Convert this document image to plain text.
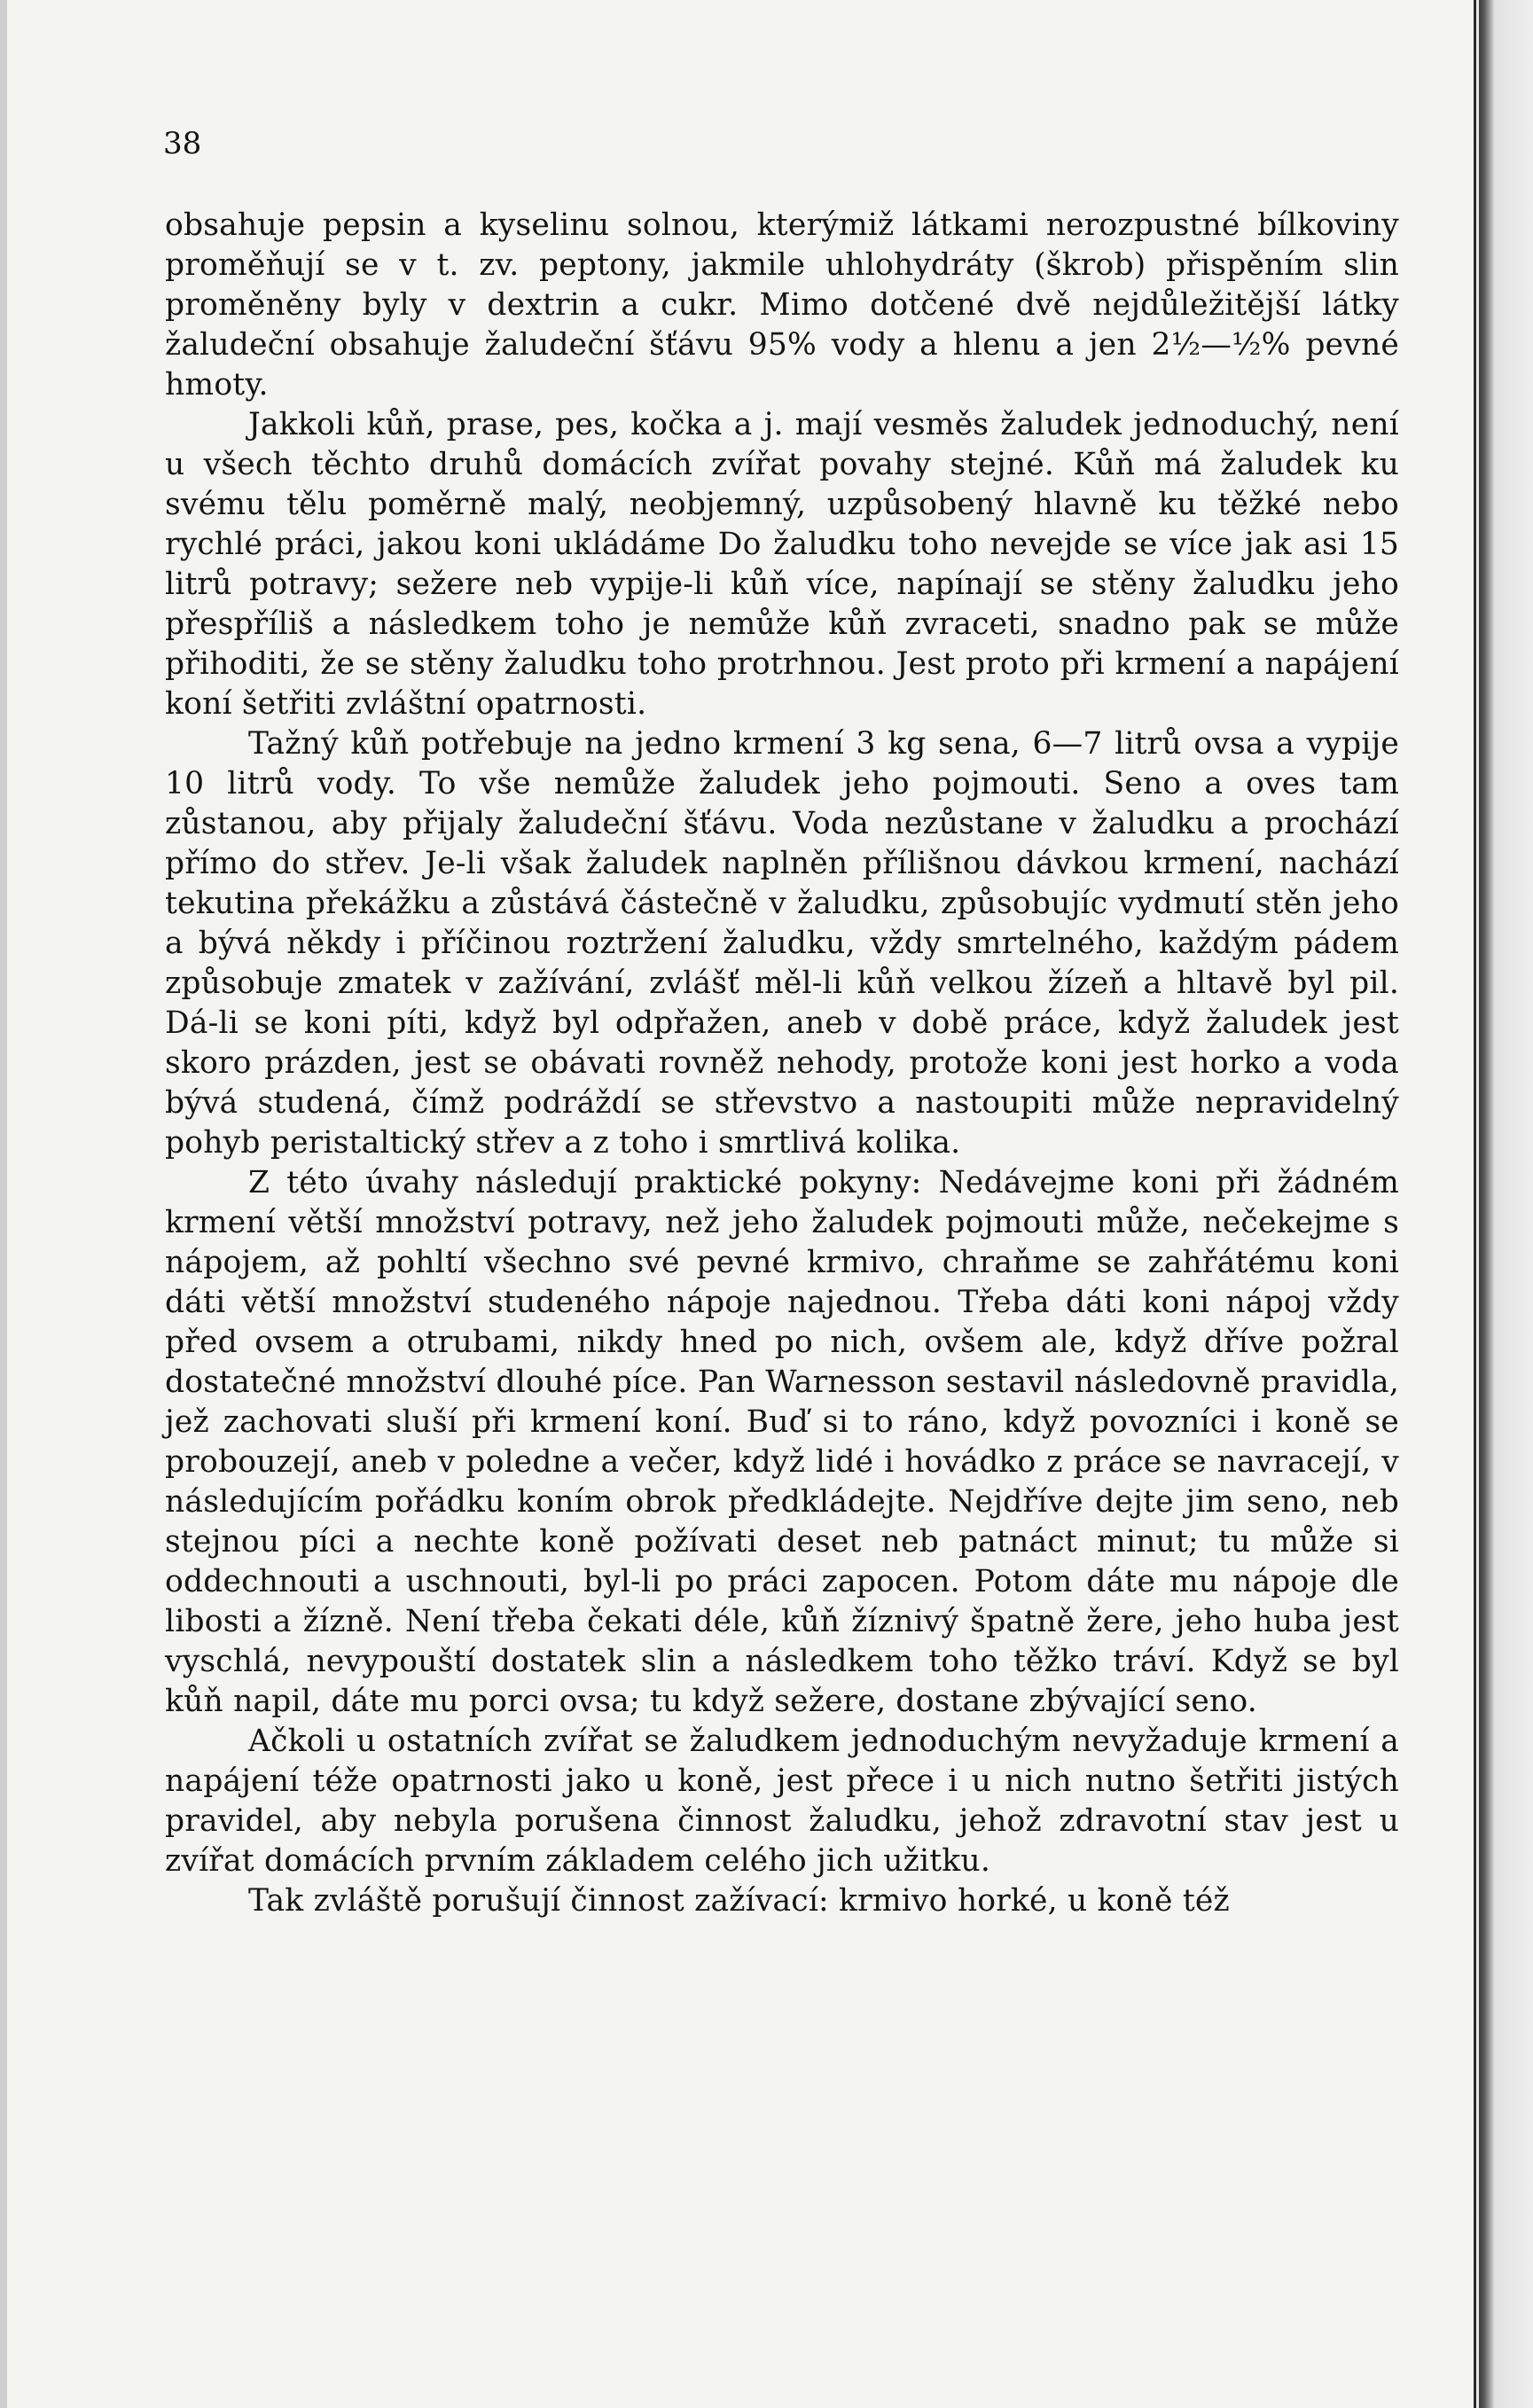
38

obsahuje pepsin a kyselinu solnou, kterýmiž látkami nerozpustné bílkoviny proměňují se v t. zv. peptony, jakmile uhlohydráty (škrob) přispěním slin proměněny byly v dextrin a cukr. Mimo dotčené dvě nejdůležitější látky žaludeční obsahuje žaludeční šťávu 95% vody a hlenu a jen 2½—½% pevné hmoty.

Jakkoli kůň, prase, pes, kočka a j. mají vesměs žaludek jednoduchý, není u všech těchto druhů domácích zvířat povahy stejné. Kůň má žaludek ku svému tělu poměrně malý, neobjemný, uzpůsobený hlavně ku těžké nebo rychlé práci, jakou koni ukládáme Do žaludku toho nevejde se více jak asi 15 litrů potravy; sežere neb vypije-li kůň více, napínají se stěny žaludku jeho přespříliš a následkem toho je nemůže kůň zvraceti, snadno pak se může přihoditi, že se stěny žaludku toho protrhnou. Jest proto při krmení a napájení koní šetřiti zvláštní opatrnosti.

Tažný kůň potřebuje na jedno krmení 3 kg sena, 6—7 litrů ovsa a vypije 10 litrů vody. To vše nemůže žaludek jeho pojmouti. Seno a oves tam zůstanou, aby přijaly žaludeční šťávu. Voda nezůstane v žaludku a prochází přímo do střev. Je-li však žaludek naplněn přílišnou dávkou krmení, nachází tekutina překážku a zůstává částečně v žaludku, způsobujíc vydmutí stěn jeho a bývá někdy i příčinou roztržení žaludku, vždy smrtelného, každým pádem způsobuje zmatek v zažívání, zvlášť měl-li kůň velkou žízeň a hltavě byl pil. Dá-li se koni píti, když byl odpřažen, aneb v době práce, když žaludek jest skoro prázden, jest se obávati rovněž nehody, protože koni jest horko a voda bývá studená, čímž podráždí se střevstvo a nastoupiti může nepravidelný pohyb peristaltický střev a z toho i smrtlivá kolika.

Z této úvahy následují praktické pokyny: Nedávejme koni při žádném krmení větší množství potravy, než jeho žaludek pojmouti může, nečekejme s nápojem, až pohltí všechno své pevné krmivo, chraňme se zahřátému koni dáti větší množství studeného nápoje najednou. Třeba dáti koni nápoj vždy před ovsem a otrubami, nikdy hned po nich, ovšem ale, když dříve požral dostatečné množství dlouhé píce. Pan Warnesson sestavil následovně pravidla, jež zachovati sluší při krmení koní. Buď si to ráno, když povozníci i koně se probouzejí, aneb v poledne a večer, když lidé i hovádko z práce se navracejí, v následujícím pořádku koním obrok předkládejte. Nejdříve dejte jim seno, neb stejnou píci a nechte koně požívati deset neb patnáct minut; tu může si oddechnouti a uschnouti, byl-li po práci zapocen. Potom dáte mu nápoje dle libosti a žízně. Není třeba čekati déle, kůň žíznivý špatně žere, jeho huba jest vyschlá, nevypouští dostatek slin a následkem toho těžko tráví. Když se byl kůň napil, dáte mu porci ovsa; tu když sežere, dostane zbývající seno.

Ačkoli u ostatních zvířat se žaludkem jednoduchým nevyžaduje krmení a napájení téže opatrnosti jako u koně, jest přece i u nich nutno šetřiti jistých pravidel, aby nebyla porušena činnost žaludku, jehož zdravotní stav jest u zvířat domácích prvním základem celého jich užitku.

Tak zvláště porušují činnost zažívací: krmivo horké, u koně též
